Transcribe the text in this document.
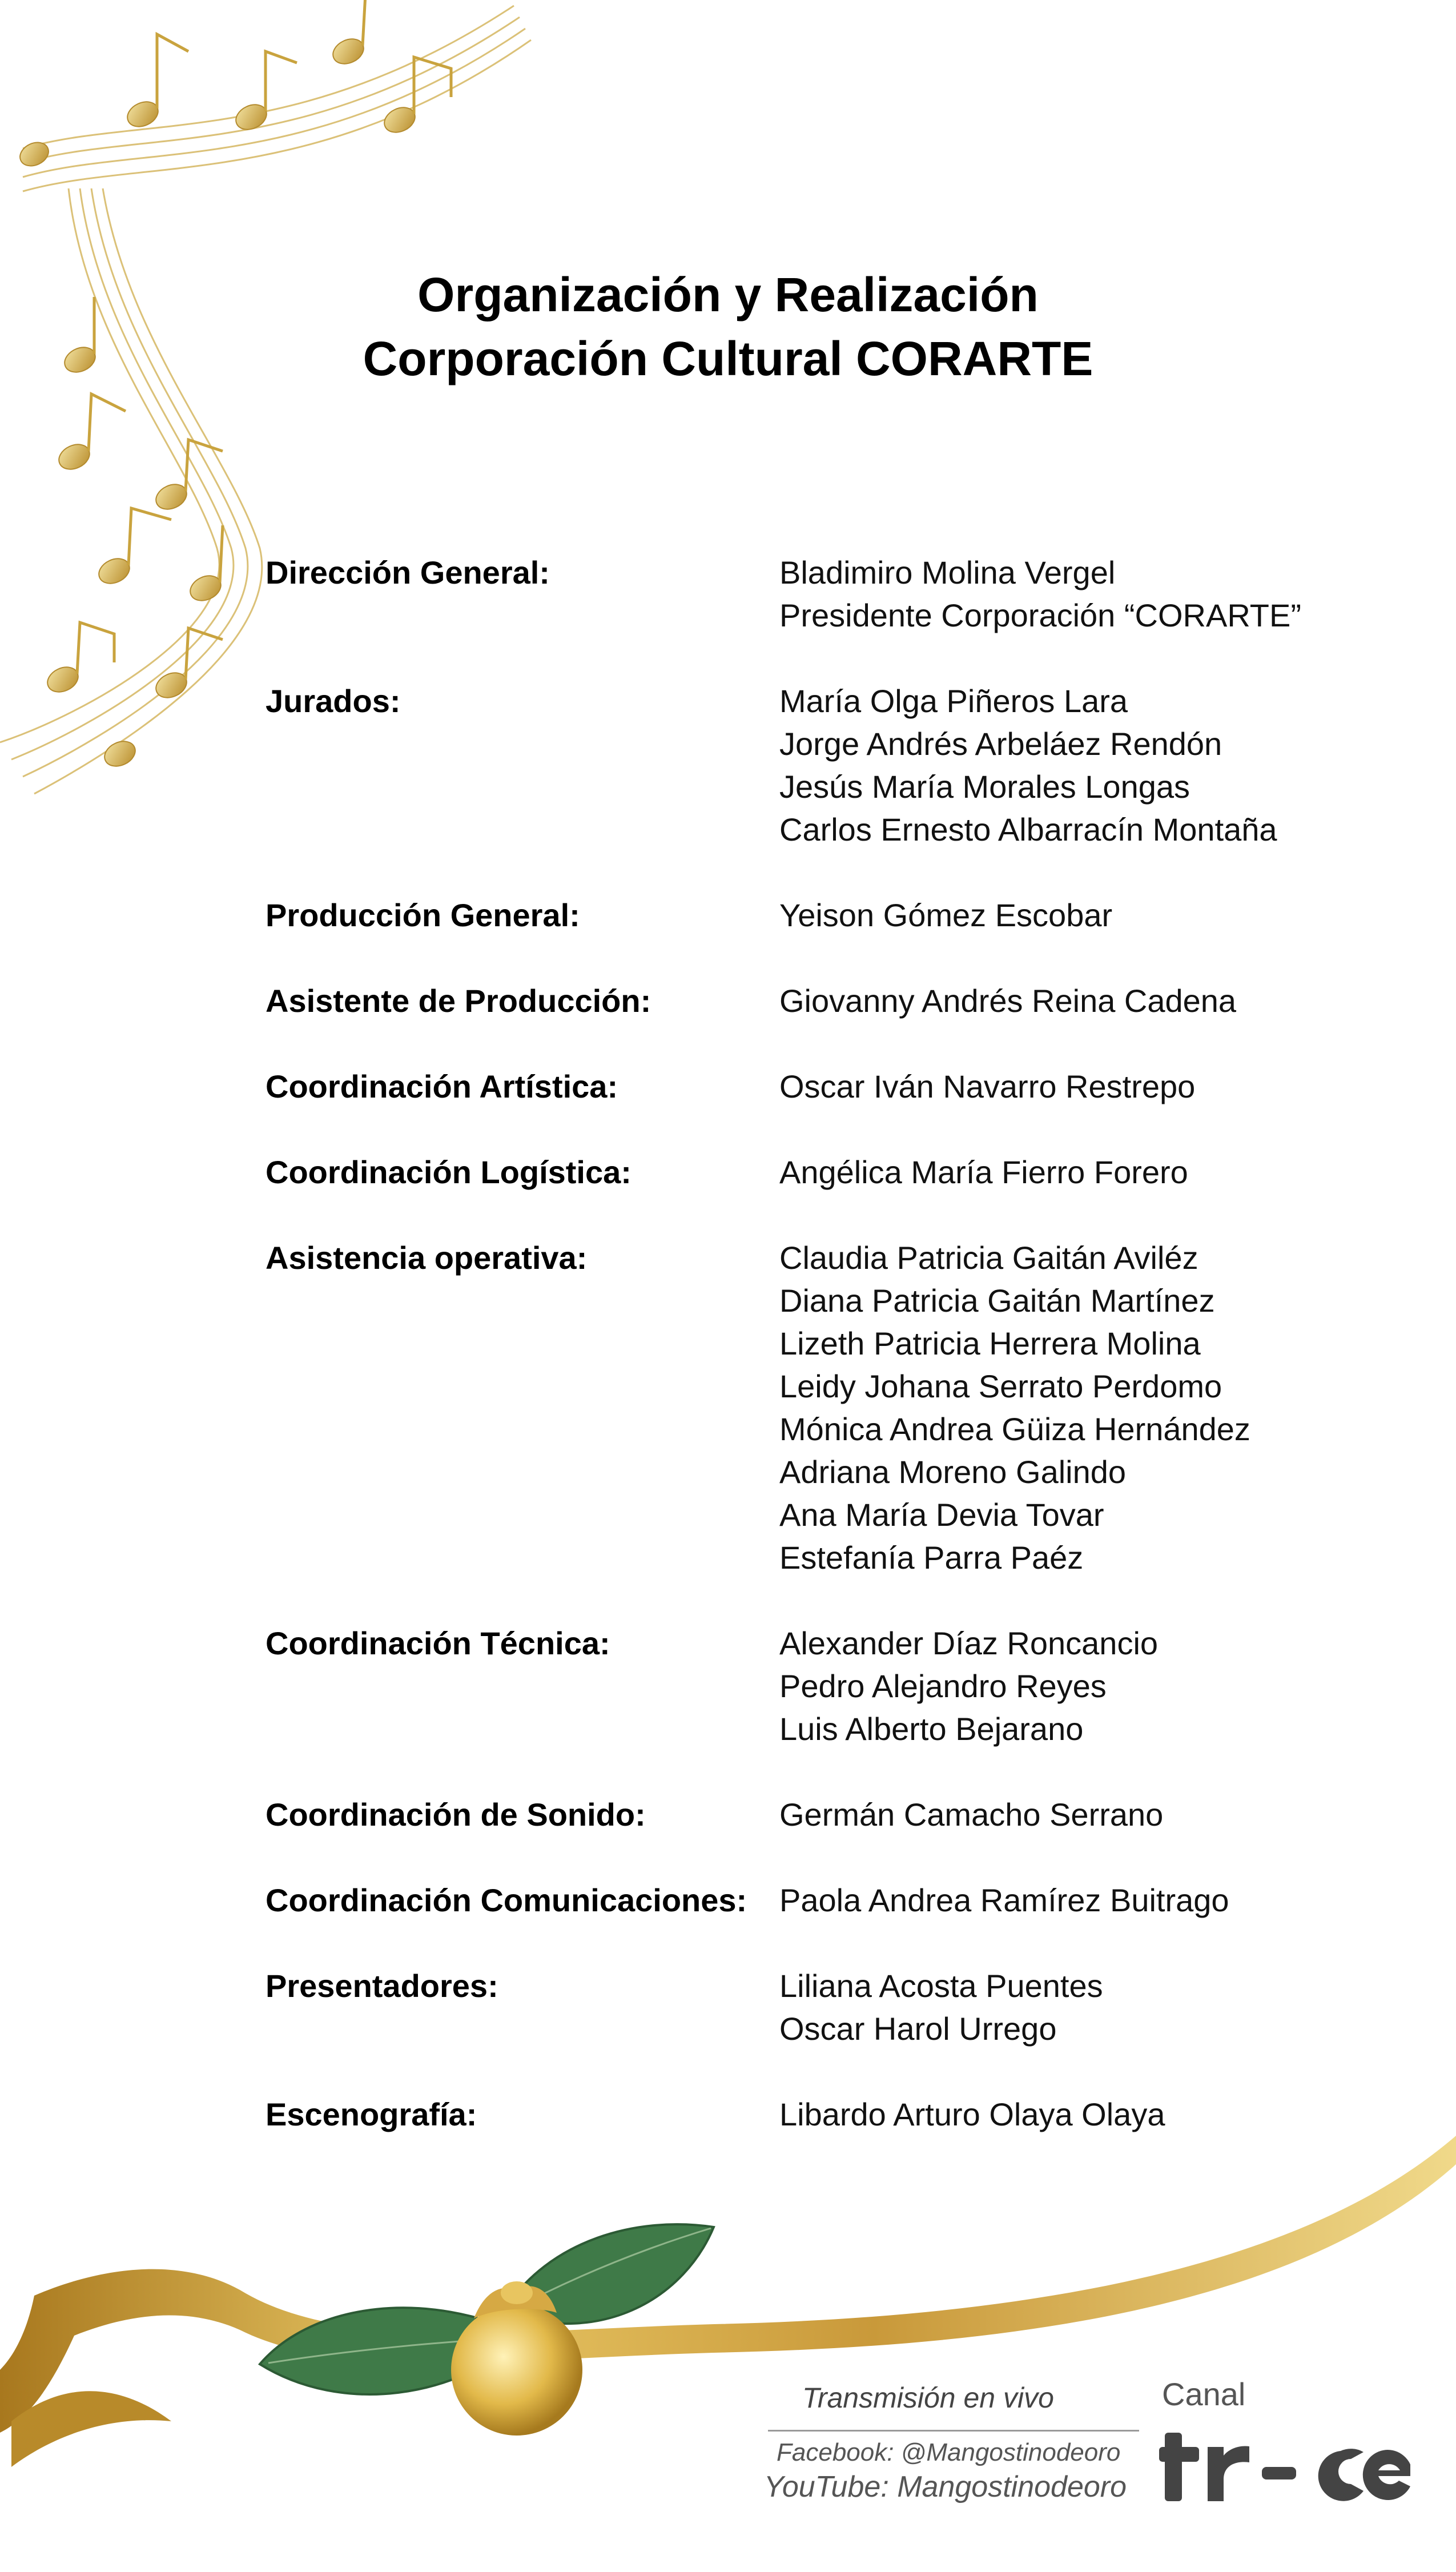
Organización y Realización
Corporación Cultural CORARTE
Dirección General:	Bladimiro Molina Vergel
Presidente Corporación “CORARTE”
Jurados:	María Olga Piñeros Lara
Jorge Andrés Arbeláez Rendón
Jesús María Morales Longas
Carlos Ernesto Albarracín Montaña
Producción General:	Yeison Gómez Escobar
Asistente de Producción:	Giovanny Andrés Reina Cadena
Coordinación Artística:	Oscar Iván Navarro Restrepo
Coordinación Logística:	Angélica María Fierro Forero
Asistencia operativa:	Claudia Patricia Gaitán Aviléz
Diana Patricia Gaitán Martínez
Lizeth Patricia Herrera Molina
Leidy Johana Serrato Perdomo
Mónica Andrea Güiza Hernández
Adriana Moreno Galindo
Ana María Devia Tovar
Estefanía Parra Paéz
Coordinación Técnica:	Alexander Díaz Roncancio
Pedro Alejandro Reyes
Luis Alberto Bejarano
Coordinación de Sonido:	Germán Camacho Serrano
Coordinación Comunicaciones: Paola Andrea Ramírez Buitrago
Presentadores:	Liliana Acosta Puentes
Oscar Harol Urrego
Escenografía:	Libardo Arturo Olaya Olaya
Transmisión en vivo
Facebook: @Mangostinodeoro
YouTube: Mangostinodeoro
Canal
